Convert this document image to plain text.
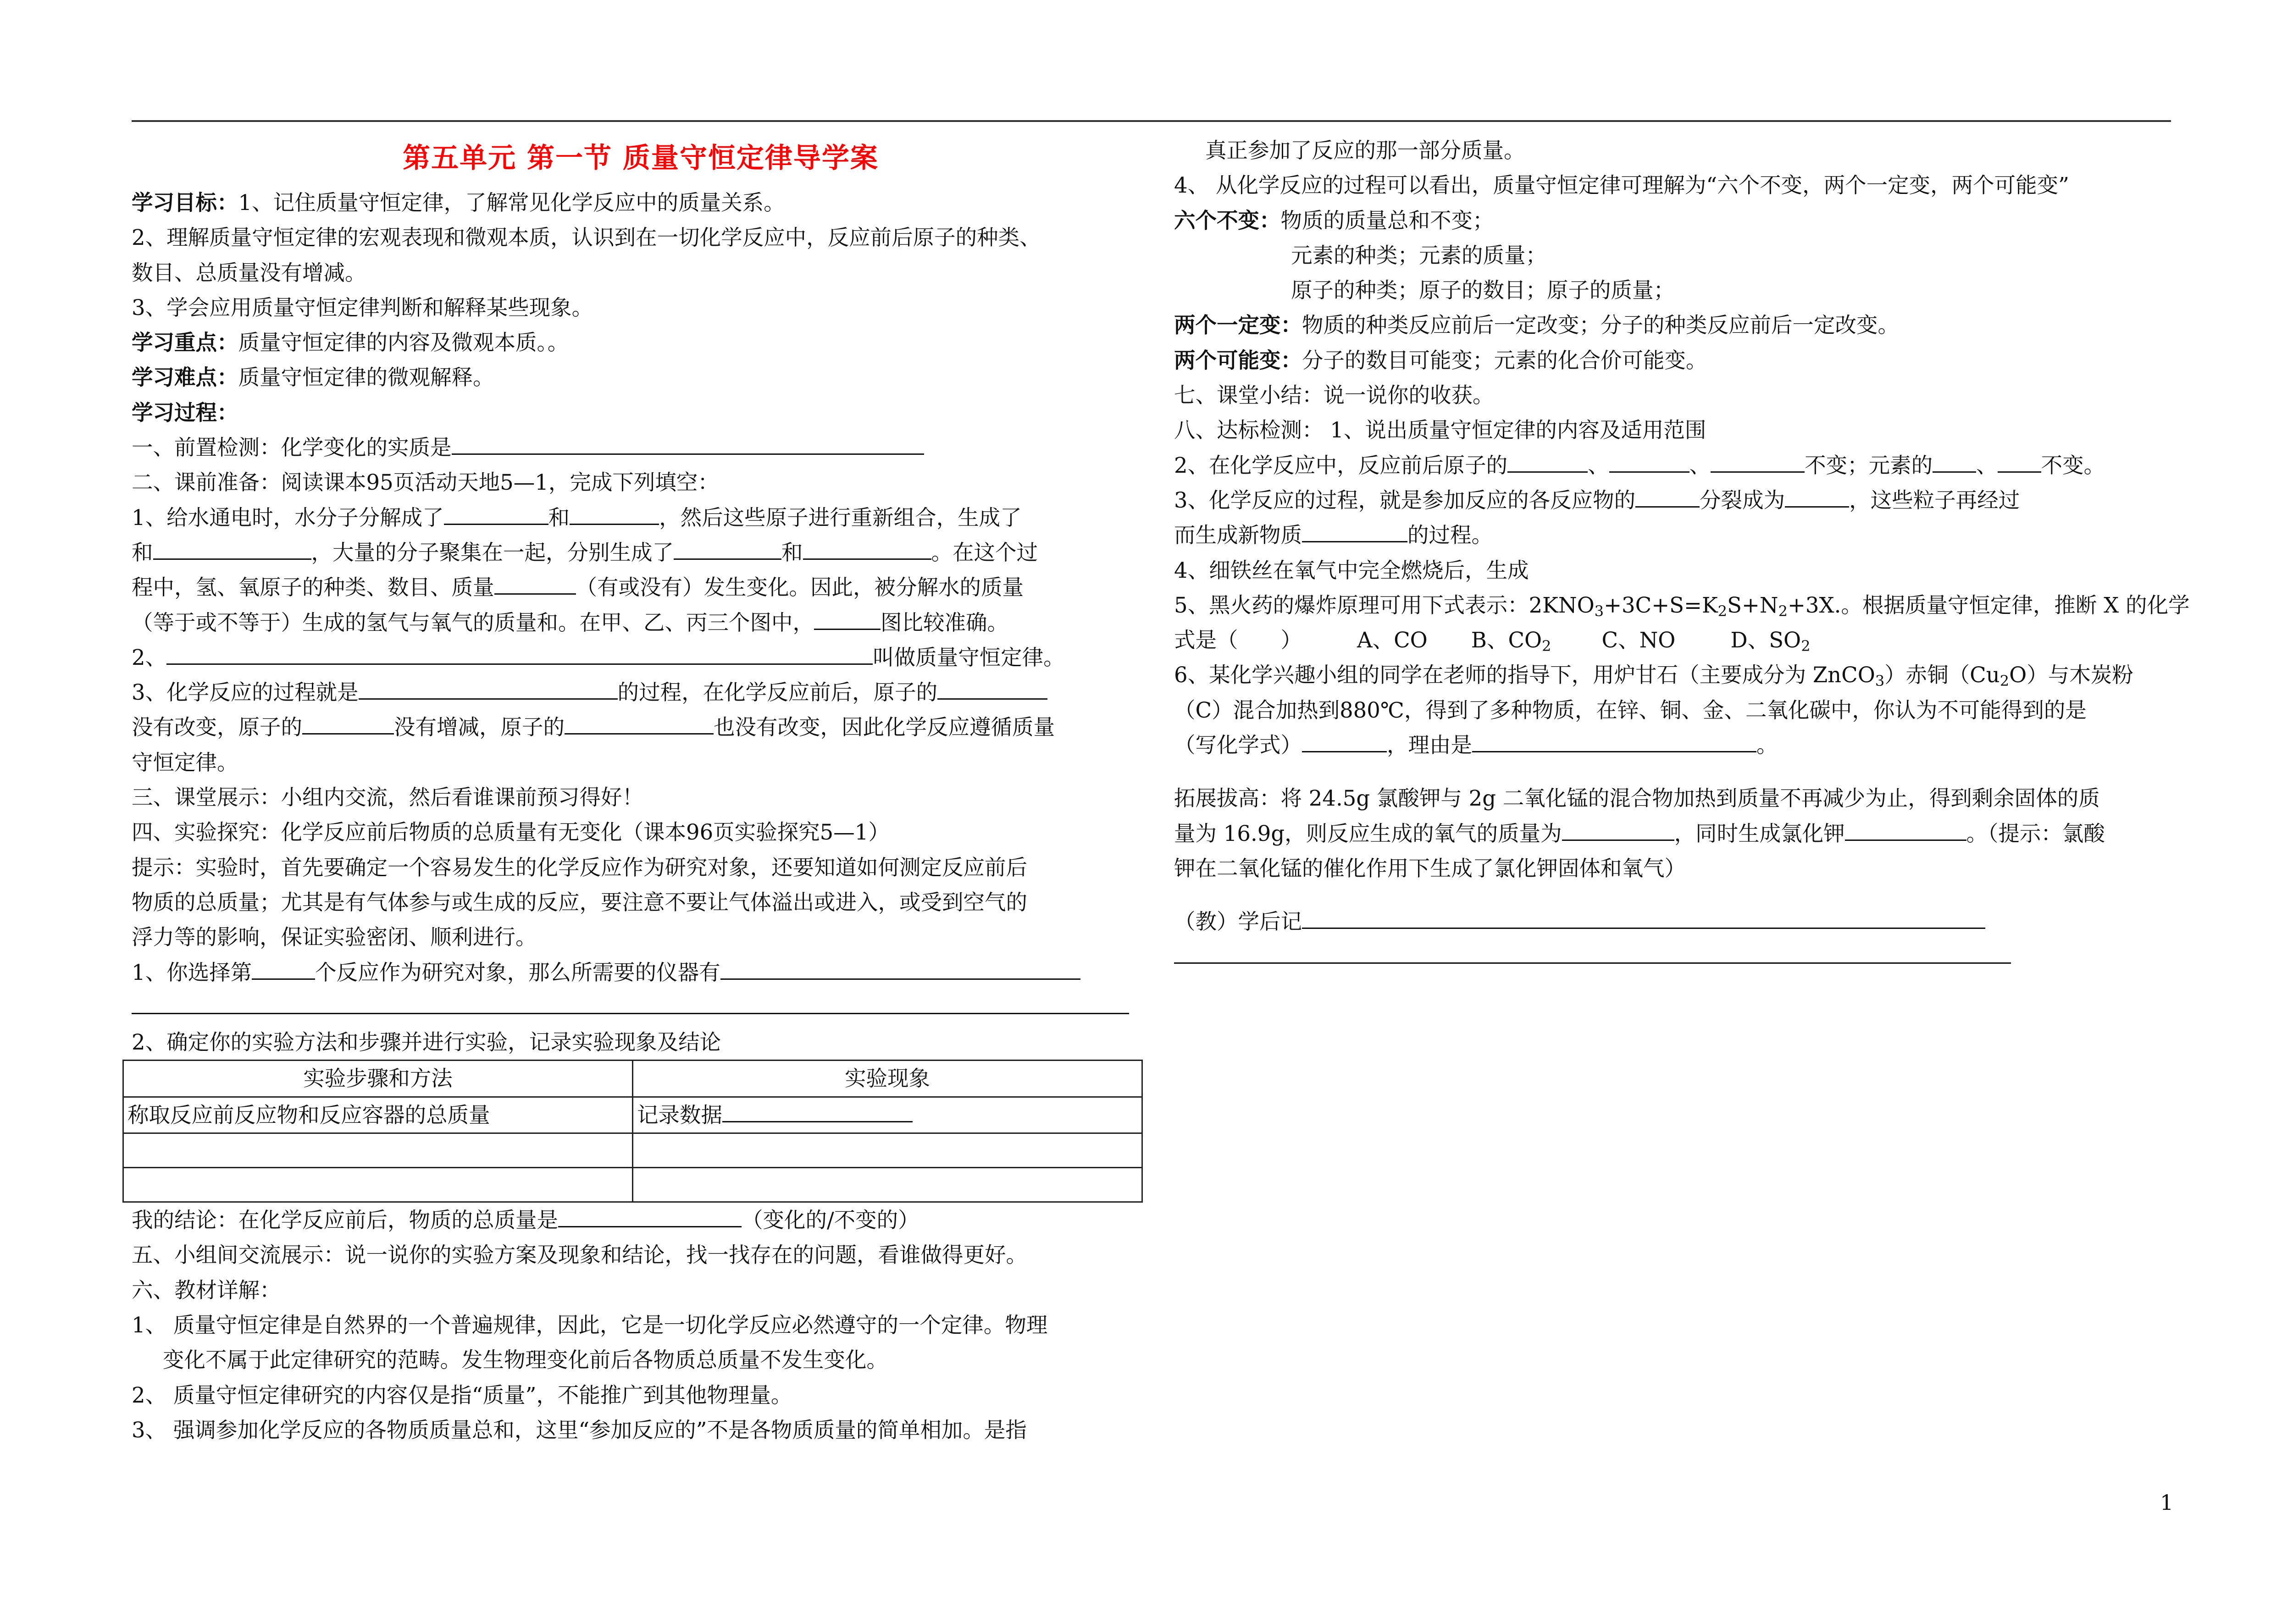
第五单元 第一节 质量守恒定律导学案
学习目标：1、记住质量守恒定律，了解常见化学反应中的质量关系。
2、理解质量守恒定律的宏观表现和微观本质，认识到在一切化学反应中，反应前后原子的种类、
数目、总质量没有增减。
3、学会应用质量守恒定律判断和解释某些现象。
学习重点：质量守恒定律的内容及微观本质。。
学习难点：质量守恒定律的微观解释。
学习过程：
一、前置检测：化学变化的实质是
二、课前准备：阅读课本95页活动天地5—1，完成下列填空：
1、给水通电时，水分子分解成了	和	，然后这些原子进行重新组合，生成了
和	，大量的分子聚集在一起，分别生成了	和	。在这个过
程中，氢、氧原子的种类、数目、质量	（有或没有）发生变化。因此，被分解水的质量
（等于或不等于）生成的氢气与氧气的质量和。在甲、乙、丙三个图中，	图比较准确。
2、	叫做质量守恒定律。
3、化学反应的过程就是	的过程，在化学反应前后，原子的
没有改变，原子的	没有增减，原子的	也没有改变，因此化学反应遵循质量
守恒定律。
三、课堂展示：小组内交流，然后看谁课前预习得好！
四、实验探究：化学反应前后物质的总质量有无变化（课本96页实验探究5—1）
提示：实验时，首先要确定一个容易发生的化学反应作为研究对象，还要知道如何测定反应前后
物质的总质量；尤其是有气体参与或生成的反应，要注意不要让气体溢出或进入，或受到空气的
浮力等的影响，保证实验密闭、顺利进行。
1、你选择第	个反应作为研究对象，那么所需要的仪器有
2、确定你的实验方法和步骤并进行实验，记录实验现象及结论
实验步骤和方法	实验现象
称取反应前反应物和反应容器的总质量	记录数据

我的结论：在化学反应前后，物质的总质量是	（变化的/不变的）
五、小组间交流展示：说一说你的实验方案及现象和结论，找一找存在的问题，看谁做得更好。
六、教材详解：
1、 质量守恒定律是自然界的一个普遍规律，因此，它是一切化学反应必然遵守的一个定律。物理
变化不属于此定律研究的范畴。发生物理变化前后各物质总质量不发生变化。
2、 质量守恒定律研究的内容仅是指“质量”，不能推广到其他物理量。
3、 强调参加化学反应的各物质质量总和，这里“参加反应的”不是各物质质量的简单相加。是指
真正参加了反应的那一部分质量。
4、 从化学反应的过程可以看出，质量守恒定律可理解为“六个不变，两个一定变，两个可能变”
六个不变：物质的质量总和不变；
元素的种类；元素的质量；
原子的种类；原子的数目；原子的质量；
两个一定变：物质的种类反应前后一定改变；分子的种类反应前后一定改变。
两个可能变：分子的数目可能变；元素的化合价可能变。
七、课堂小结：说一说你的收获。
八、达标检测： 1、说出质量守恒定律的内容及适用范围
2、在化学反应中，反应前后原子的	、	、	不变；元素的 、 不变。
3、化学反应的过程，就是参加反应的各反应物的	分裂成为	，这些粒子再经过
而生成新物质	的过程。
4、细铁丝在氧气中完全燃烧后，生成
5、黑火药的爆炸原理可用下式表示：$2KNO_3+3C+S=K_2S+N_2+3X$.。根据质量守恒定律，推断 X 的化学
式是（　　）	A、CO B、$CO_2$ C、NO	D、$SO_2$
6、某化学兴趣小组的同学在老师的指导下，用炉甘石（主要成分为 ZnCO$_3$）赤铜$(Cu_2O)$与木炭粉
（C）混合加热到880℃，得到了多种物质，在锌、铜、金、二氧化碳中，你认为不可能得到的是
（写化学式）	，理由是	。
拓展拔高：将 24.5g 氯酸钾与 2g 二氧化锰的混合物加热到质量不再减少为止，得到剩余固体的质
量为 16.9g，则反应生成的氧气的质量为	，同时生成氯化钾	。（提示：氯酸
钾在二氧化锰的催化作用下生成了氯化钾固体和氧气）
（教）学后记
1
